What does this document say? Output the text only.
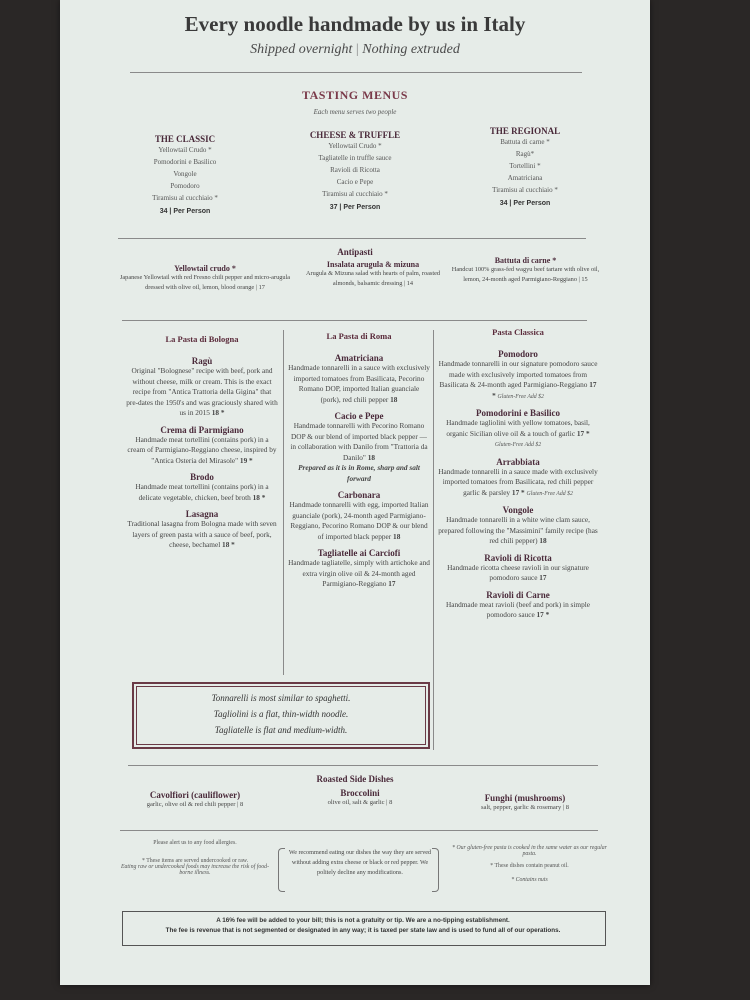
Every noodle handmade by us in Italy
Shipped overnight | Nothing extruded
TASTING MENUS
Each menu serves two people
THE CLASSIC
Yellowtail Crudo *
Pomodorini e Basilico
Vongole
Pomodoro
Tiramisu al cucchiaio *
34 | Per Person
CHEESE & TRUFFLE
Yellowtail Crudo *
Tagliatelle in truffle sauce
Ravioli di Ricotta
Cacio e Pepe
Tiramisu al cucchiaio *
37 | Per Person
THE REGIONAL
Battuta di carne *
Ragù*
Tortellini *
Amatriciana
Tiramisu al cucchiaio *
34 | Per Person
Antipasti
Yellowtail crudo *
Japanese Yellowtail with red Fresno chili pepper and micro-arugula dressed with olive oil, lemon, blood orange | 17
Insalata arugula & mizuna
Arugula & Mizuna salad with hearts of palm, roasted almonds, balsamic dressing | 14
Battuta di carne *
Handcut 100% grass-fed wagyu beef tartare with olive oil, lemon, 24-month aged Parmigiano-Reggiano | 15
La Pasta di Bologna
Ragù
Original "Bolognese" recipe with beef, pork and without cheese, milk or cream. This is the exact recipe from "Antica Trattoria della Gigina" that pre-dates the 1950's and was graciously shared with us in 2015 18 *
Crema di Parmigiano
Handmade meat tortellini (contains pork) in a cream of Parmigiano-Reggiano cheese, inspired by "Antica Osteria del Mirasole" 19 *
Brodo
Handmade meat tortellini (contains pork) in a delicate vegetable, chicken, beef broth 18 *
Lasagna
Traditional lasagna from Bologna made with seven layers of green pasta with a sauce of beef, pork, cheese, bechamel 18 *
La Pasta di Roma
Amatriciana
Handmade tonnarelli in a sauce with exclusively imported tomatoes from Basilicata, Pecorino Romano DOP, imported Italian guanciale (pork), red chili pepper 18
Cacio e Pepe
Handmade tonnarelli with Pecorino Romano DOP & our blend of imported black pepper — in collaboration with Danilo from "Trattoria da Danilo" 18
Prepared as it is in Rome, sharp and salt forward
Carbonara
Handmade tonnarelli with egg, imported Italian guanciale (pork), 24-month aged Parmigiano-Reggiano, Pecorino Romano DOP & our blend of imported black pepper 18
Tagliatelle ai Carciofi
Handmade tagliatelle, simply with artichoke and extra virgin olive oil & 24-month aged Parmigiano-Reggiano 17
Pasta Classica
Pomodoro
Handmade tonnarelli in our signature pomodoro sauce made with exclusively imported tomatoes from Basilicata & 24-month aged Parmigiano-Reggiano 17 * Gluten-Free Add $2
Pomodorini e Basilico
Handmade tagliolini with yellow tomatoes, basil, organic Sicilian olive oil & a touch of garlic 17 * Gluten-Free Add $2
Arrabbiata
Handmade tonnarelli in a sauce made with exclusively imported tomatoes from Basilicata, red chili pepper garlic & parsley 17 * Gluten-Free Add $2
Vongole
Handmade tonnarelli in a white wine clam sauce, prepared following the "Massimini" family recipe (has red chili pepper) 18
Ravioli di Ricotta
Handmade ricotta cheese ravioli in our signature pomodoro sauce 17
Ravioli di Carne
Handmade meat ravioli (beef and pork) in simple pomodoro sauce 17 *
Tonnarelli is most similar to spaghetti.
Tagliolini is a flat, thin-width noodle.
Tagliatelle is flat and medium-width.
Roasted Side Dishes
Cavolfiori (cauliflower)
garlic, olive oil & red chili pepper | 8
Broccolini
olive oil, salt & garlic | 8	Funghi (mushrooms)
salt, pepper, garlic & rosemary | 8
Please alert us to any food allergies.
* These items are served undercooked or raw.
Eating raw or undercooked foods may increase the risk of food-borne illness.
We recommend eating our dishes the way they are served without adding extra cheese or black or red pepper. We politely decline any modifications.
* Our gluten-free pasta is cooked in the same water as our regular pasta.
* These dishes contain peanut oil.
* Contains nuts
A 16% fee will be added to your bill; this is not a gratuity or tip. We are a no-tipping establishment.
The fee is revenue that is not segmented or designated in any way; it is taxed per state law and is used to fund all of our operations.
